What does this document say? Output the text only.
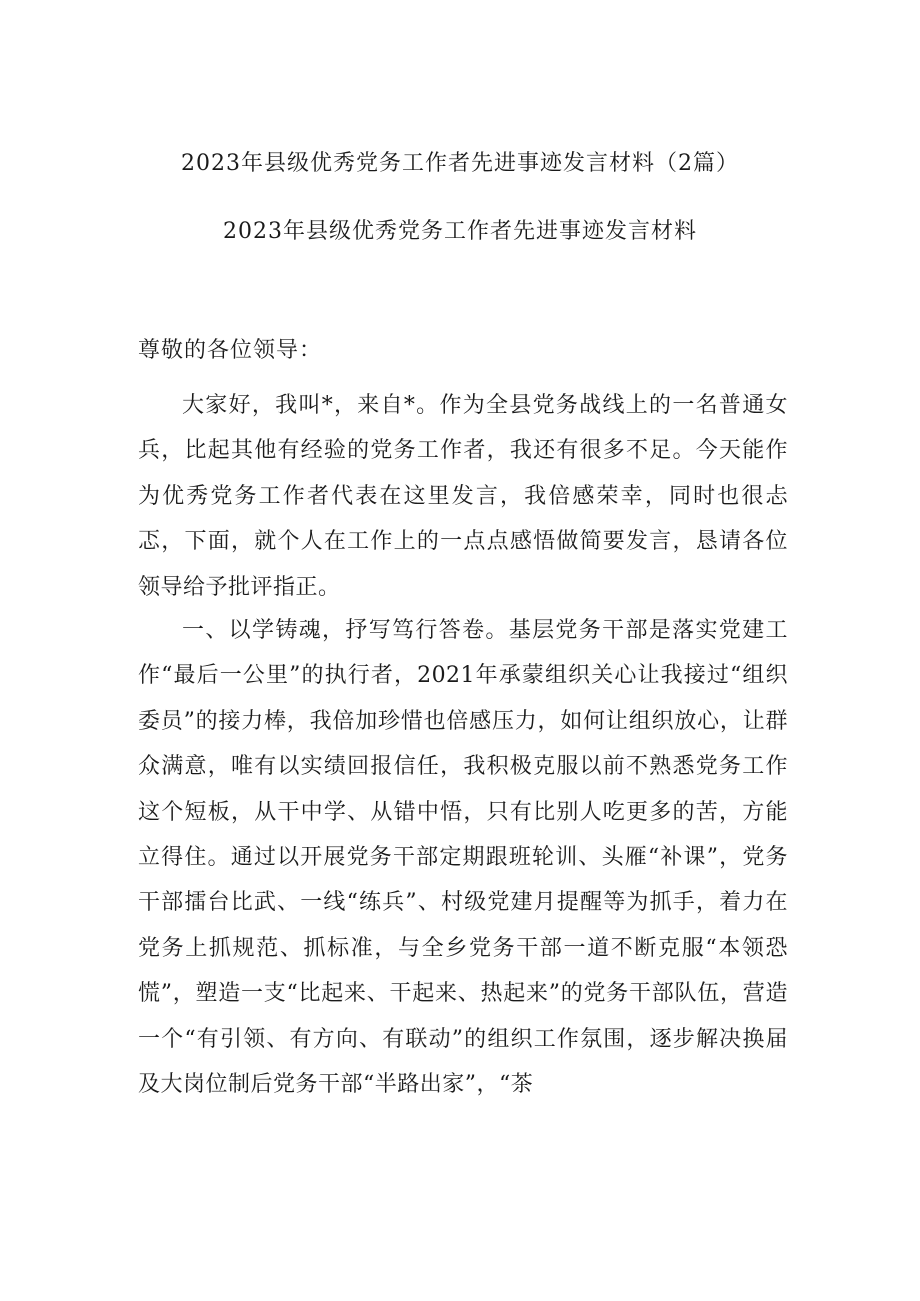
2023年县级优秀党务工作者先进事迹发言材料（2篇）
2023年县级优秀党务工作者先进事迹发言材料

尊敬的各位领导：

大家好，我叫*，来自*。作为全县党务战线上的一名普通女兵，比起其他有经验的党务工作者，我还有很多不足。今天能作为优秀党务工作者代表在这里发言，我倍感荣幸，同时也很忐忑，下面，就个人在工作上的一点点感悟做简要发言，恳请各位领导给予批评指正。

一、以学铸魂，抒写笃行答卷。基层党务干部是落实党建工作“最后一公里”的执行者，2021年承蒙组织关心让我接过“组织委员”的接力棒，我倍加珍惜也倍感压力，如何让组织放心，让群众满意，唯有以实绩回报信任，我积极克服以前不熟悉党务工作这个短板，从干中学、从错中悟，只有比别人吃更多的苦，方能立得住。通过以开展党务干部定期跟班轮训、头雁“补课”，党务干部擂台比武、一线“练兵”、村级党建月提醒等为抓手，着力在党务上抓规范、抓标准，与全乡党务干部一道不断克服“本领恐慌”，塑造一支“比起来、干起来、热起来”的党务干部队伍，营造一个“有引领、有方向、有联动”的组织工作氛围，逐步解决换届及大岗位制后党务干部“半路出家”，“茶
